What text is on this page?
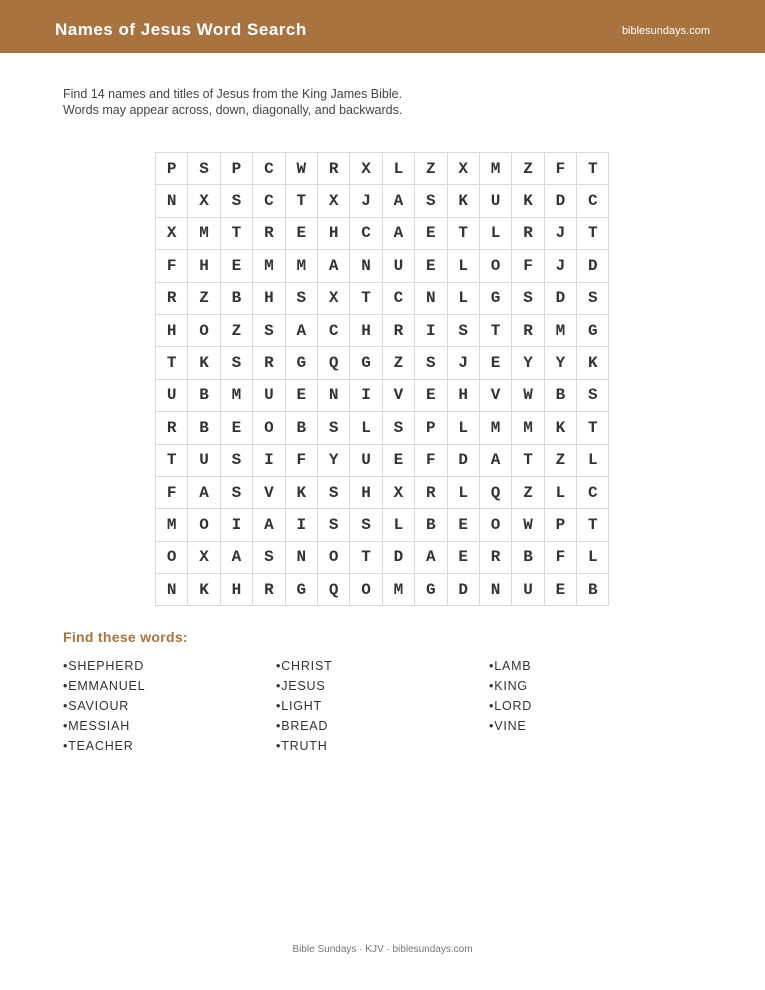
Names of Jesus Word Search	biblesundays.com
Find 14 names and titles of Jesus from the King James Bible.
Words may appear across, down, diagonally, and backwards.
P	S	P	C	W	R	X	L	Z	X	M	Z	F	T
N	X	S	C	T	X	J	A	S	K	U	K	D	C
X	M	T	R	E	H	C	A	E	T	L	R	J	T
F	H	E	M	M	A	N	U	E	L	O	F	J	D
R	Z	B	H	S	X	T	C	N	L	G	S	D	S
H	O	Z	S	A	C	H	R	I	S	T	R	M	G
T	K	S	R	G	Q	G	Z	S	J	E	Y	Y	K
U	B	M	U	E	N	I	V	E	H	V	W	B	S
R	B	E	O	B	S	L	S	P	L	M	M	K	T
T	U	S	I	F	Y	U	E	F	D	A	T	Z	L
F	A	S	V	K	S	H	X	R	L	Q	Z	L	C
M	O	I	A	I	S	S	L	B	E	O	W	P	T
O	X	A	S	N	O	T	D	A	E	R	B	F	L
N	K	H	R	G	Q	O	M	G	D	N	U	E	B
Find these words:
•SHEPHERD
•EMMANUEL
•SAVIOUR
•MESSIAH
•TEACHER
•CHRIST
•JESUS
•LIGHT
•BREAD
•TRUTH
•LAMB
•KING
•LORD
•VINE
Bible Sundays · KJV · biblesundays.com
